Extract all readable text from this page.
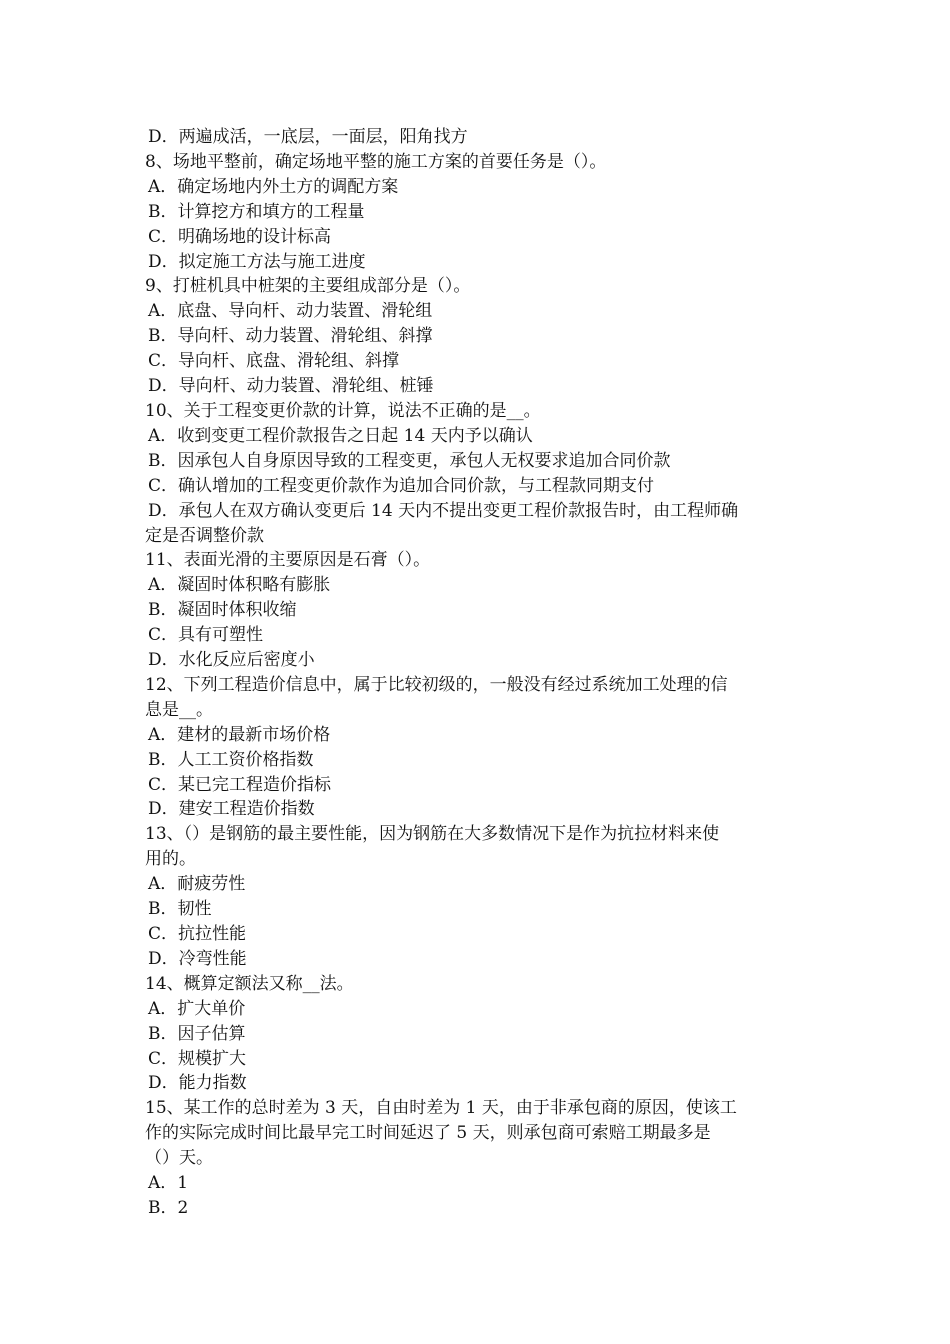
D．两遍成活，一底层，一面层，阳角找方
8、场地平整前，确定场地平整的施工方案的首要任务是（）。
A．确定场地内外土方的调配方案
B．计算挖方和填方的工程量
C．明确场地的设计标高
D．拟定施工方法与施工进度
9、打桩机具中桩架的主要组成部分是（）。
A．底盘、导向杆、动力装置、滑轮组
B．导向杆、动力装置、滑轮组、斜撑
C．导向杆、底盘、滑轮组、斜撑
D．导向杆、动力装置、滑轮组、桩锤
10、关于工程变更价款的计算，说法不正确的是__。
A．收到变更工程价款报告之日起 14 天内予以确认
B．因承包人自身原因导致的工程变更，承包人无权要求追加合同价款
C．确认增加的工程变更价款作为追加合同价款，与工程款同期支付
D．承包人在双方确认变更后 14 天内不提出变更工程价款报告时，由工程师确
定是否调整价款
11、表面光滑的主要原因是石膏（）。
A．凝固时体积略有膨胀
B．凝固时体积收缩
C．具有可塑性
D．水化反应后密度小
12、下列工程造价信息中，属于比较初级的，一般没有经过系统加工处理的信
息是__。
A．建材的最新市场价格
B．人工工资价格指数
C．某已完工程造价指标
D．建安工程造价指数
13、（）是钢筋的最主要性能，因为钢筋在大多数情况下是作为抗拉材料来使
用的。
A．耐疲劳性
B．韧性
C．抗拉性能
D．冷弯性能
14、概算定额法又称__法。
A．扩大单价
B．因子估算
C．规模扩大
D．能力指数
15、某工作的总时差为 3 天，自由时差为 1 天，由于非承包商的原因，使该工
作的实际完成时间比最早完工时间延迟了 5 天，则承包商可索赔工期最多是
（）天。
A．1
B．2
